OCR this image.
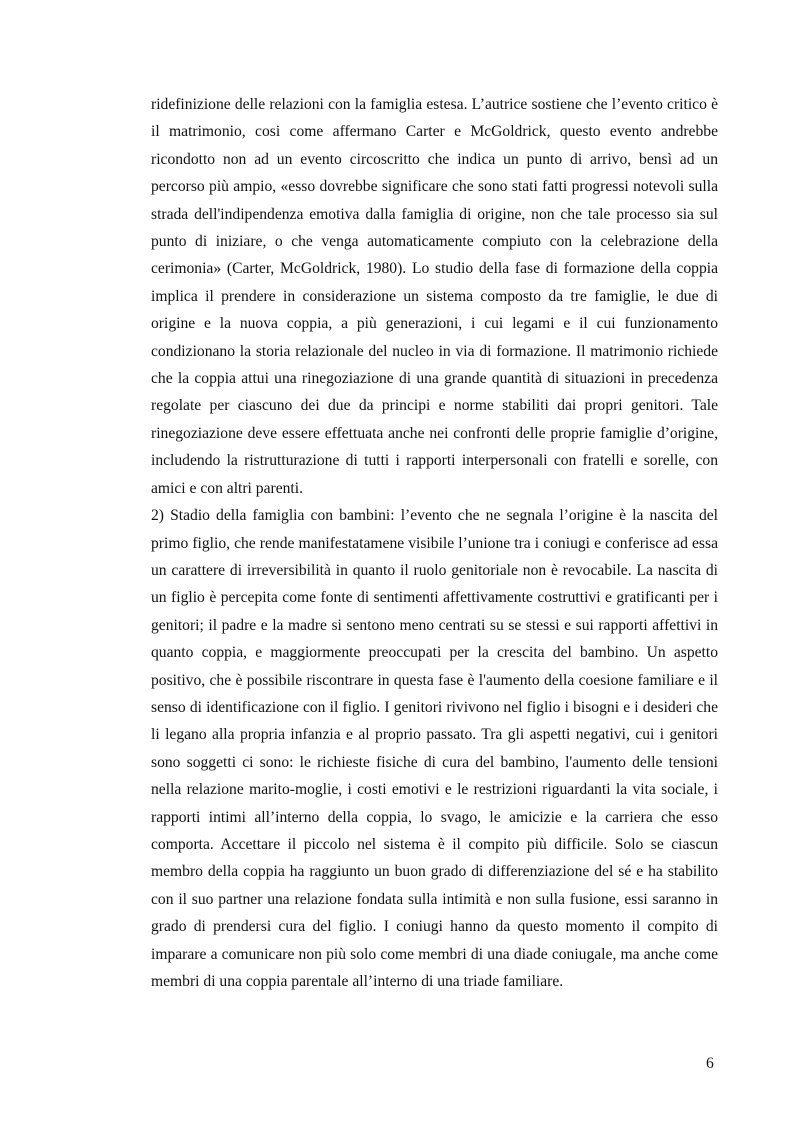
ridefinizione delle relazioni con la famiglia estesa. L’autrice sostiene che l’evento critico è il matrimonio, cosi come affermano Carter e McGoldrick, questo evento andrebbe ricondotto non ad un evento circoscritto che indica un punto di arrivo, bensì ad un percorso più ampio, «esso dovrebbe significare che sono stati fatti progressi notevoli sulla strada dell'indipendenza emotiva dalla famiglia di origine, non che tale processo sia sul punto di iniziare, o che venga automaticamente compiuto con la celebrazione della cerimonia» (Carter, McGoldrick, 1980). Lo studio della fase di formazione della coppia implica il prendere in considerazione un sistema composto da tre famiglie, le due di origine e la nuova coppia, a più generazioni, i cui legami e il cui funzionamento condizionano la storia relazionale del nucleo in via di formazione. Il matrimonio richiede che la coppia attui una rinegoziazione di una grande quantità di situazioni in precedenza regolate per ciascuno dei due da principi e norme stabiliti dai propri genitori. Tale rinegoziazione deve essere effettuata anche nei confronti delle proprie famiglie d’origine, includendo la ristrutturazione di tutti i rapporti interpersonali con fratelli e sorelle, con amici e con altri parenti.

2) Stadio della famiglia con bambini: l’evento che ne segnala l’origine è la nascita del primo figlio, che rende manifestatamene visibile l’unione tra i coniugi e conferisce ad essa un carattere di irreversibilità in quanto il ruolo genitoriale non è revocabile. La nascita di un figlio è percepita come fonte di sentimenti affettivamente costruttivi e gratificanti per i genitori; il padre e la madre si sentono meno centrati su se stessi e sui rapporti affettivi in quanto coppia, e maggiormente preoccupati per la crescita del bambino. Un aspetto positivo, che è possibile riscontrare in questa fase è l'aumento della coesione familiare e il senso di identificazione con il figlio. I genitori rivivono nel figlio i bisogni e i desideri che li legano alla propria infanzia e al proprio passato. Tra gli aspetti negativi, cui i genitori sono soggetti ci sono: le richieste fisiche di cura del bambino, l'aumento delle tensioni nella relazione marito-moglie, i costi emotivi e le restrizioni riguardanti la vita sociale, i rapporti intimi all’interno della coppia, lo svago, le amicizie e la carriera che esso comporta. Accettare il piccolo nel sistema è il compito più difficile. Solo se ciascun membro della coppia ha raggiunto un buon grado di differenziazione del sé e ha stabilito con il suo partner una relazione fondata sulla intimità e non sulla fusione, essi saranno in grado di prendersi cura del figlio. I coniugi hanno da questo momento il compito di imparare a comunicare non più solo come membri di una diade coniugale, ma anche come membri di una coppia parentale all’interno di una triade familiare.

6
